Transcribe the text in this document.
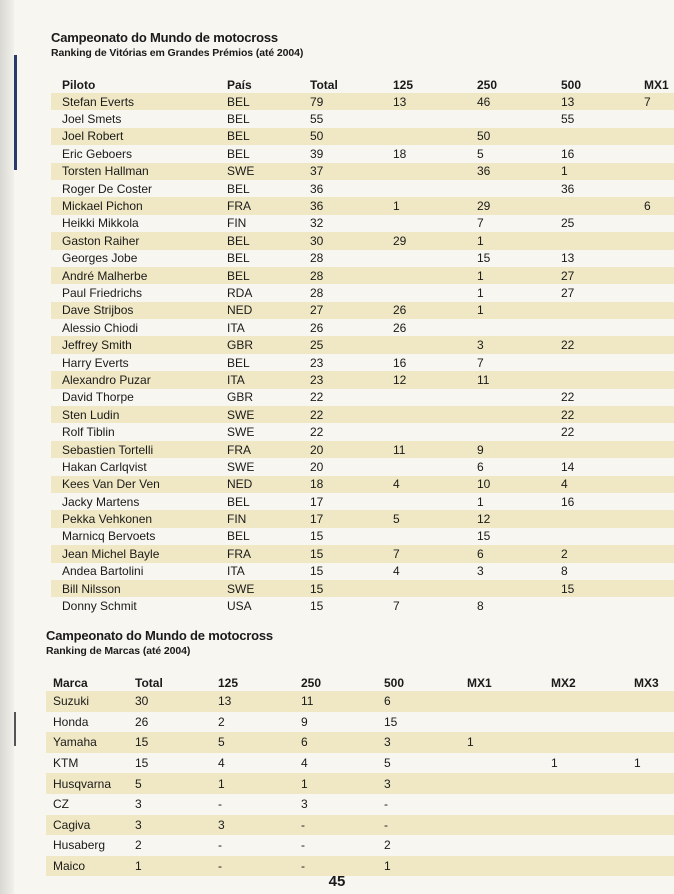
Campeonato do Mundo de motocross
Ranking de Vitórias em Grandes Prémios (até 2004)
Piloto	País	Total	125	250	500	MX1
Stefan Everts	BEL	79	13	46	13	7
Joel Smets	BEL	55			55	
Joel Robert	BEL	50		50		
Eric Geboers	BEL	39	18	5	16	
Torsten Hallman	SWE	37		36	1	
Roger De Coster	BEL	36			36	
Mickael Pichon	FRA	36	1	29		6
Heikki Mikkola	FIN	32		7	25	
Gaston Raiher	BEL	30	29	1		
Georges Jobe	BEL	28		15	13	
André Malherbe	BEL	28		1	27	
Paul Friedrichs	RDA	28		1	27	
Dave Strijbos	NED	27	26	1		
Alessio Chiodi	ITA	26	26			
Jeffrey Smith	GBR	25		3	22	
Harry Everts	BEL	23	16	7		
Alexandro Puzar	ITA	23	12	11		
David Thorpe	GBR	22			22	
Sten Ludin	SWE	22			22	
Rolf Tiblin	SWE	22			22	
Sebastien Tortelli	FRA	20	11	9		
Hakan Carlqvist	SWE	20		6	14	
Kees Van Der Ven	NED	18	4	10	4	
Jacky Martens	BEL	17		1	16	
Pekka Vehkonen	FIN	17	5	12		
Marnicq Bervoets	BEL	15		15		
Jean Michel Bayle	FRA	15	7	6	2	
Andea Bartolini	ITA	15	4	3	8	
Bill Nilsson	SWE	15			15	
Donny Schmit	USA	15	7	8		
Campeonato do Mundo de motocross
Ranking de Marcas (até 2004)
Marca	Total	125	250	500	MX1	MX2	MX3
Suzuki	30	13	11	6			
Honda	26	2	9	15			
Yamaha	15	5	6	3	1		
KTM	15	4	4	5		1	1
Husqvarna	5	1	1	3			
CZ	3	-	3	-			
Cagiva	3	3	-	-			
Husaberg	2	-	-	2			
Maico	1	-	-	1			
45
